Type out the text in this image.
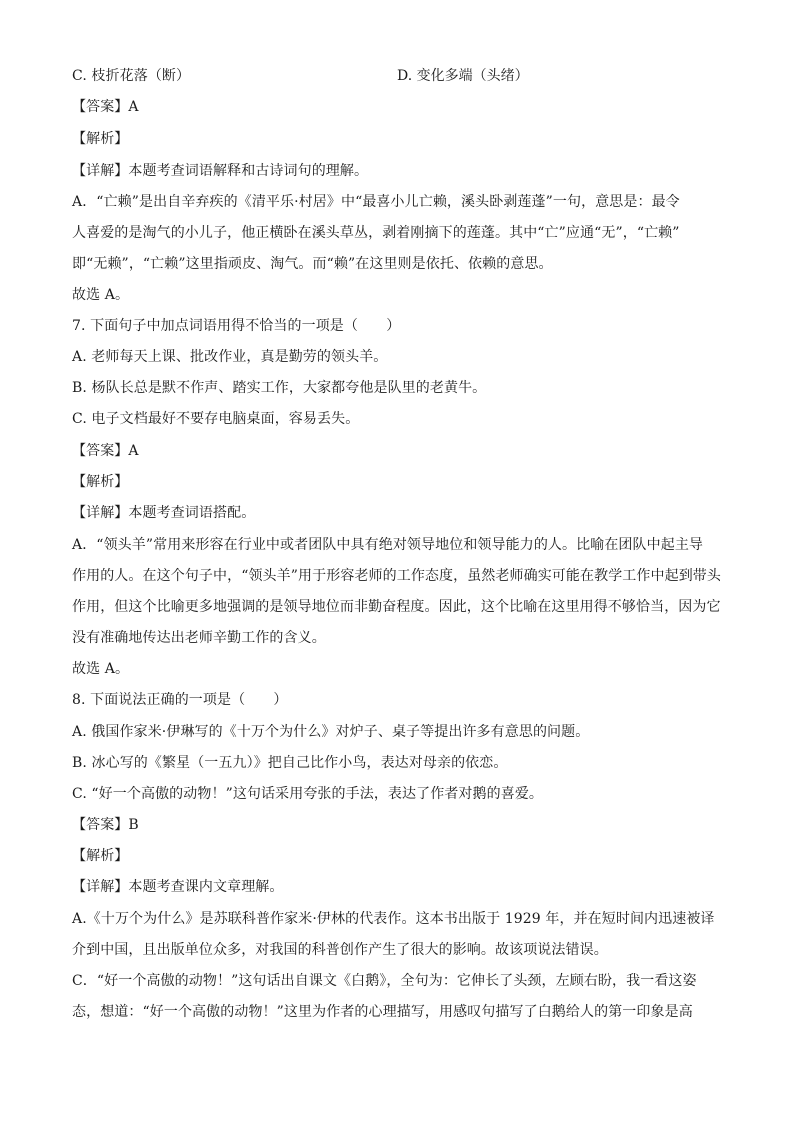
C. 枝折花落（断）	D. 变化多端（头绪）
【答案】A
【解析】
【详解】本题考查词语解释和古诗词句的理解。
A．“亡赖”是出自辛弃疾的《清平乐·村居》中“最喜小儿亡赖，溪头卧剥莲蓬”一句，意思是：最令
人喜爱的是淘气的小儿子，他正横卧在溪头草丛，剥着刚摘下的莲蓬。其中“亡”应通“无”，“亡赖”
即“无赖”，“亡赖”这里指顽皮、淘气。而“赖”在这里则是依托、依赖的意思。
故选 A。
7. 下面句子中加点词语用得不恰当的一项是（　　）
A. 老师每天上课、批改作业，真是勤劳的领头羊。
B. 杨队长总是默不作声、踏实工作，大家都夸他是队里的老黄牛。
C. 电子文档最好不要存电脑桌面，容易丢失。
【答案】A
【解析】
【详解】本题考查词语搭配。
A．“领头羊”常用来形容在行业中或者团队中具有绝对领导地位和领导能力的人。比喻在团队中起主导
作用的人。在这个句子中，“领头羊”用于形容老师的工作态度，虽然老师确实可能在教学工作中起到带头
作用，但这个比喻更多地强调的是领导地位而非勤奋程度。因此，这个比喻在这里用得不够恰当，因为它
没有准确地传达出老师辛勤工作的含义。
故选 A。
8. 下面说法正确的一项是（　　）
A. 俄国作家米·伊琳写的《十万个为什么》对炉子、桌子等提出许多有意思的问题。
B. 冰心写的《繁星（一五九）》把自己比作小鸟，表达对母亲的依恋。
C. “好一个高傲的动物！”这句话采用夸张的手法，表达了作者对鹅的喜爱。
【答案】B
【解析】
【详解】本题考查课内文章理解。
A.《十万个为什么》是苏联科普作家米·伊林的代表作。这本书出版于 1929 年，并在短时间内迅速被译
介到中国，且出版单位众多，对我国的科普创作产生了很大的影响。故该项说法错误。
C．“好一个高傲的动物！”这句话出自课文《白鹅》，全句为：它伸长了头颈，左顾右盼，我一看这姿
态，想道：“好一个高傲的动物！”这里为作者的心理描写，用感叹句描写了白鹅给人的第一印象是高
